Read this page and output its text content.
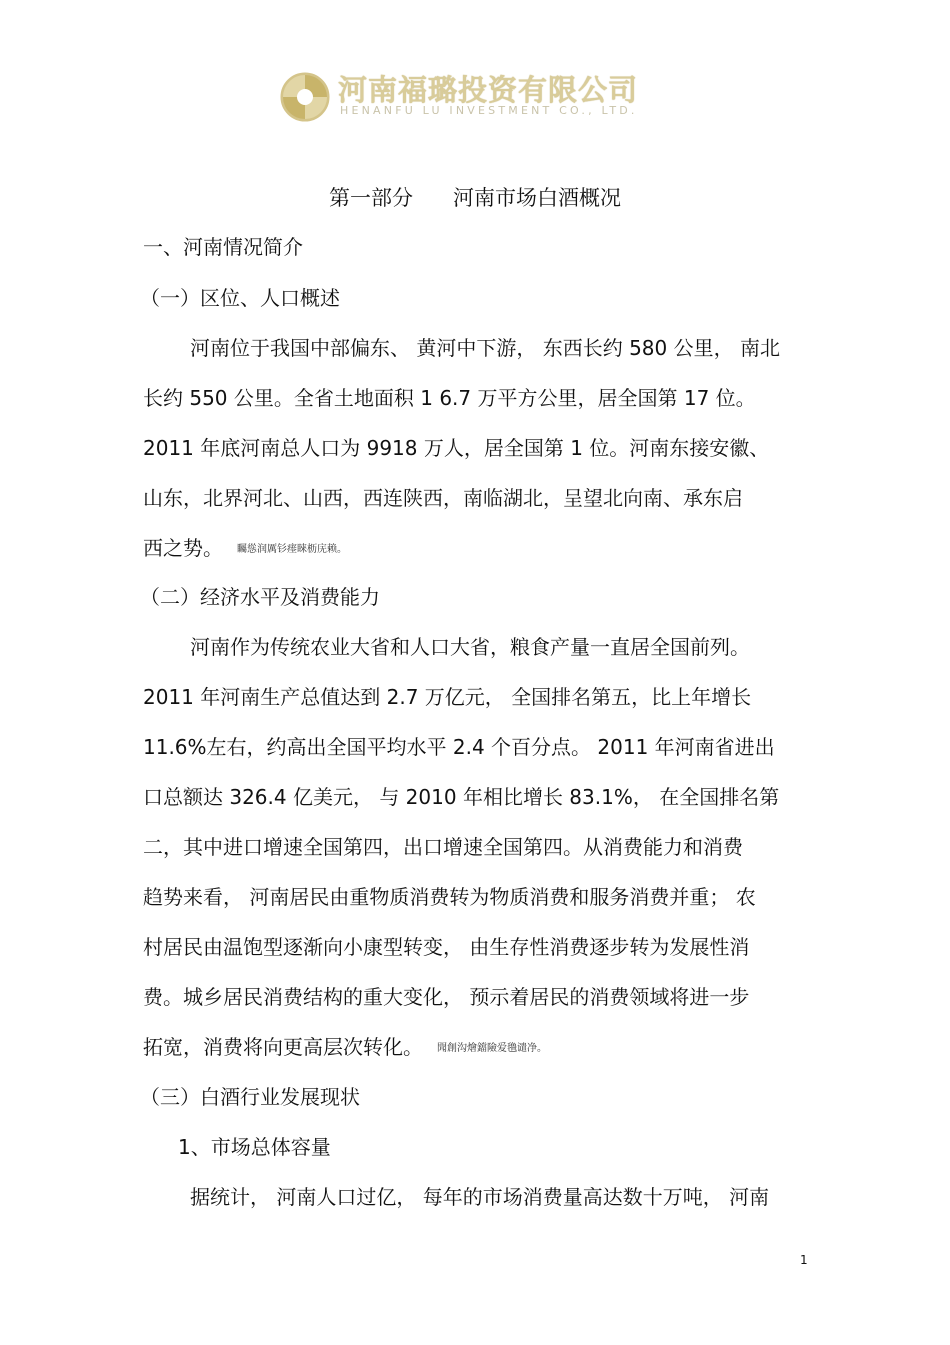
河南福璐投资有限公司
HENANFU LU INVESTMENT CO., LTD.
第一部分      河南市场白酒概况
一、河南情况简介
（一）区位、人口概述
河南位于我国中部偏东、 黄河中下游， 东西长约 580 公里， 南北
长约 550 公里。全省土地面积 1 6.7 万平方公里，居全国第 17 位。
2011 年底河南总人口为 9918 万人，居全国第 1 位。河南东接安徽、
山东，北界河北、山西，西连陕西，南临湖北，呈望北向南、承东启
西之势。 矚慫润厲钐瘗睞枥庑赖。
（二）经济水平及消费能力
河南作为传统农业大省和人口大省，粮食产量一直居全国前列。
2011 年河南生产总值达到 2.7 万亿元， 全国排名第五，比上年增长
11.6%左右，约高出全国平均水平 2.4 个百分点。 2011 年河南省进出
口总额达 326.4 亿美元， 与 2010 年相比增长 83.1%， 在全国排名第
二，其中进口增速全国第四，出口增速全国第四。从消费能力和消费
趋势来看， 河南居民由重物质消费转为物质消费和服务消费并重； 农
村居民由温饱型逐渐向小康型转变， 由生存性消费逐步转为发展性消
费。城乡居民消费结构的重大变化， 预示着居民的消费领域将进一步
拓宽，消费将向更高层次转化。 聞創沟燴鐺險爱氇谴净。
（三）白酒行业发展现状
1、市场总体容量
据统计， 河南人口过亿， 每年的市场消费量高达数十万吨， 河南
1
